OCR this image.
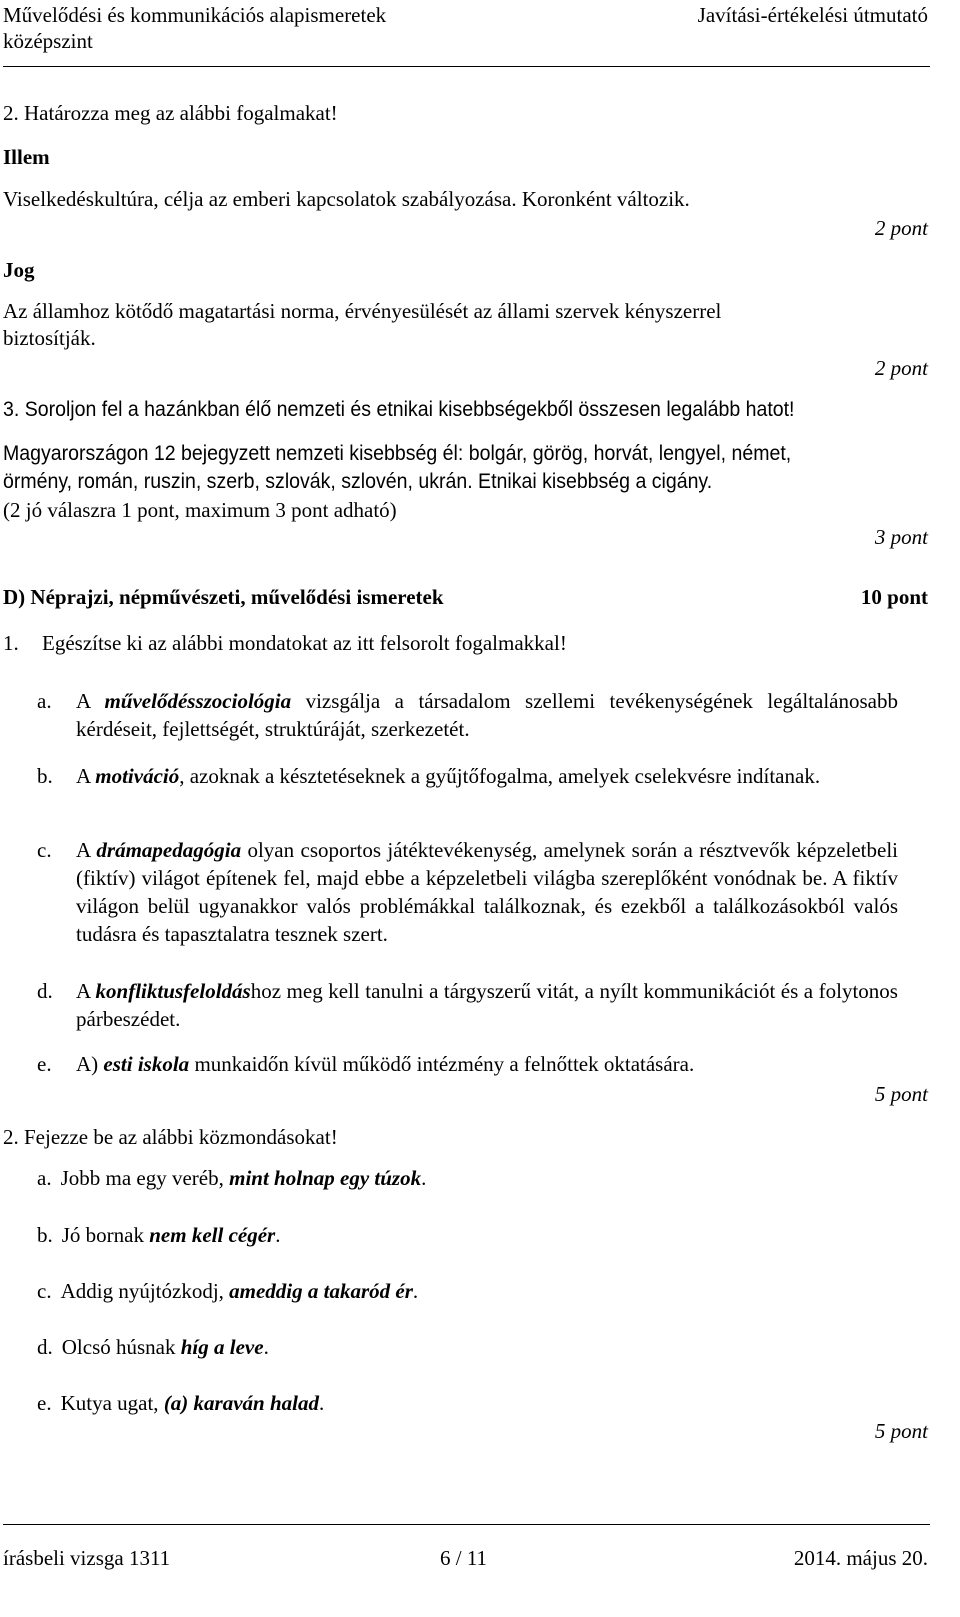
Művelődési és kommunikációs alapismeretek
középszint
Javítási-értékelési útmutató
2. Határozza meg az alábbi fogalmakat!
Illem
Viselkedéskultúra, célja az emberi kapcsolatok szabályozása. Koronként változik.
2 pont
Jog
Az államhoz kötődő magatartási norma, érvényesülését az állami szervek kényszerrel
biztosítják.
2 pont
3. Soroljon fel a hazánkban élő nemzeti és etnikai kisebbségekből összesen legalább hatot!
Magyarországon 12 bejegyzett nemzeti kisebbség él: bolgár, görög, horvát, lengyel, német,
örmény, román, ruszin, szerb, szlovák, szlovén, ukrán. Etnikai kisebbség a cigány.
(2 jó válaszra 1 pont, maximum 3 pont adható)
3 pont
D) Néprajzi, népművészeti, művelődési ismeretek	10 pont
1. Egészítse ki az alábbi mondatokat az itt felsorolt fogalmakkal!
a. A művelődésszociológia vizsgálja a társadalom szellemi tevékenységének legáltalánosabb kérdéseit, fejlettségét, struktúráját, szerkezetét.
b. A motiváció, azoknak a késztetéseknek a gyűjtőfogalma, amelyek cselekvésre indítanak.
c. A drámapedagógia olyan csoportos játéktevékenység, amelynek során a résztvevők képzeletbeli (fiktív) világot építenek fel, majd ebbe a képzeletbeli világba szereplőként vonódnak be. A fiktív világon belül ugyanakkor valós problémákkal találkoznak, és ezekből a találkozásokból valós tudásra és tapasztalatra tesznek szert.
d. A konfliktusfeloldáshoz meg kell tanulni a tárgyszerű vitát, a nyílt kommunikációt és a folytonos párbeszédet.
e. A) esti iskola munkaidőn kívül működő intézmény a felnőttek oktatására.
5 pont
2. Fejezze be az alábbi közmondásokat!
a. Jobb ma egy veréb, mint holnap egy túzok.
b. Jó bornak nem kell cégér.
c. Addig nyújtózkodj, ameddig a takaród ér.
d. Olcsó húsnak híg a leve.
e. Kutya ugat, (a) karaván halad.
5 pont
írásbeli vizsga 1311	6 / 11	2014. május 20.
